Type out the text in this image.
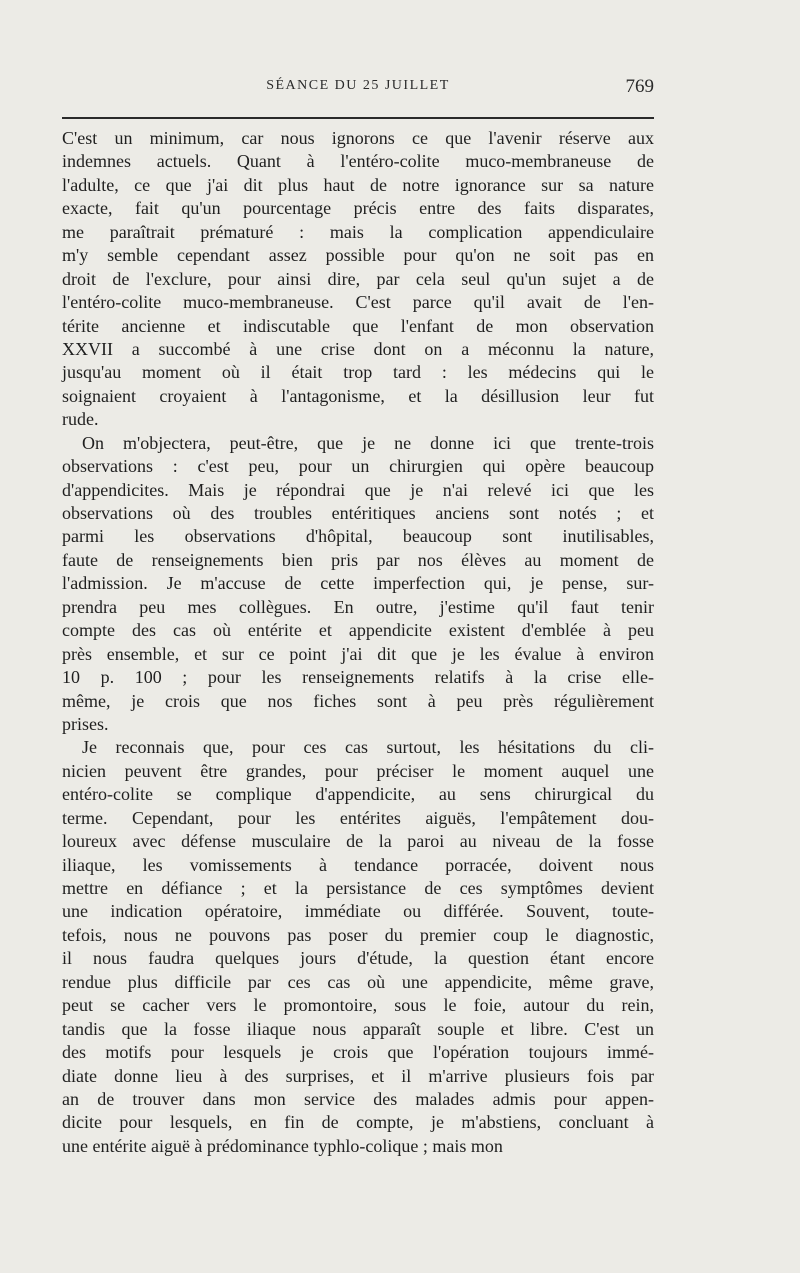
SÉANCE DU 25 JUILLET	769
C'est un minimum, car nous ignorons ce que l'avenir réserve aux
indemnes actuels. Quant à l'entéro-colite muco-membraneuse de
l'adulte, ce que j'ai dit plus haut de notre ignorance sur sa nature
exacte, fait qu'un pourcentage précis entre des faits disparates,
me paraîtrait prématuré : mais la complication appendiculaire
m'y semble cependant assez possible pour qu'on ne soit pas en
droit de l'exclure, pour ainsi dire, par cela seul qu'un sujet a de
l'entéro-colite muco-membraneuse. C'est parce qu'il avait de l'en-
térite ancienne et indiscutable que l'enfant de mon observation
XXVII a succombé à une crise dont on a méconnu la nature,
jusqu'au moment où il était trop tard : les médecins qui le
soignaient croyaient à l'antagonisme, et la désillusion leur fut
rude.
On m'objectera, peut-être, que je ne donne ici que trente-trois
observations : c'est peu, pour un chirurgien qui opère beaucoup
d'appendicites. Mais je répondrai que je n'ai relevé ici que les
observations où des troubles entéritiques anciens sont notés ; et
parmi les observations d'hôpital, beaucoup sont inutilisables,
faute de renseignements bien pris par nos élèves au moment de
l'admission. Je m'accuse de cette imperfection qui, je pense, sur-
prendra peu mes collègues. En outre, j'estime qu'il faut tenir
compte des cas où entérite et appendicite existent d'emblée à peu
près ensemble, et sur ce point j'ai dit que je les évalue à environ
10 p. 100 ; pour les renseignements relatifs à la crise elle-
même, je crois que nos fiches sont à peu près régulièrement
prises.
Je reconnais que, pour ces cas surtout, les hésitations du cli-
nicien peuvent être grandes, pour préciser le moment auquel une
entéro-colite se complique d'appendicite, au sens chirurgical du
terme. Cependant, pour les entérites aiguës, l'empâtement dou-
loureux avec défense musculaire de la paroi au niveau de la fosse
iliaque, les vomissements à tendance porracée, doivent nous
mettre en défiance ; et la persistance de ces symptômes devient
une indication opératoire, immédiate ou différée. Souvent, toute-
tefois, nous ne pouvons pas poser du premier coup le diagnostic,
il nous faudra quelques jours d'étude, la question étant encore
rendue plus difficile par ces cas où une appendicite, même grave,
peut se cacher vers le promontoire, sous le foie, autour du rein,
tandis que la fosse iliaque nous apparaît souple et libre. C'est un
des motifs pour lesquels je crois que l'opération toujours immé-
diate donne lieu à des surprises, et il m'arrive plusieurs fois par
an de trouver dans mon service des malades admis pour appen-
dicite pour lesquels, en fin de compte, je m'abstiens, concluant à
une entérite aiguë à prédominance typhlo-colique ; mais mon
